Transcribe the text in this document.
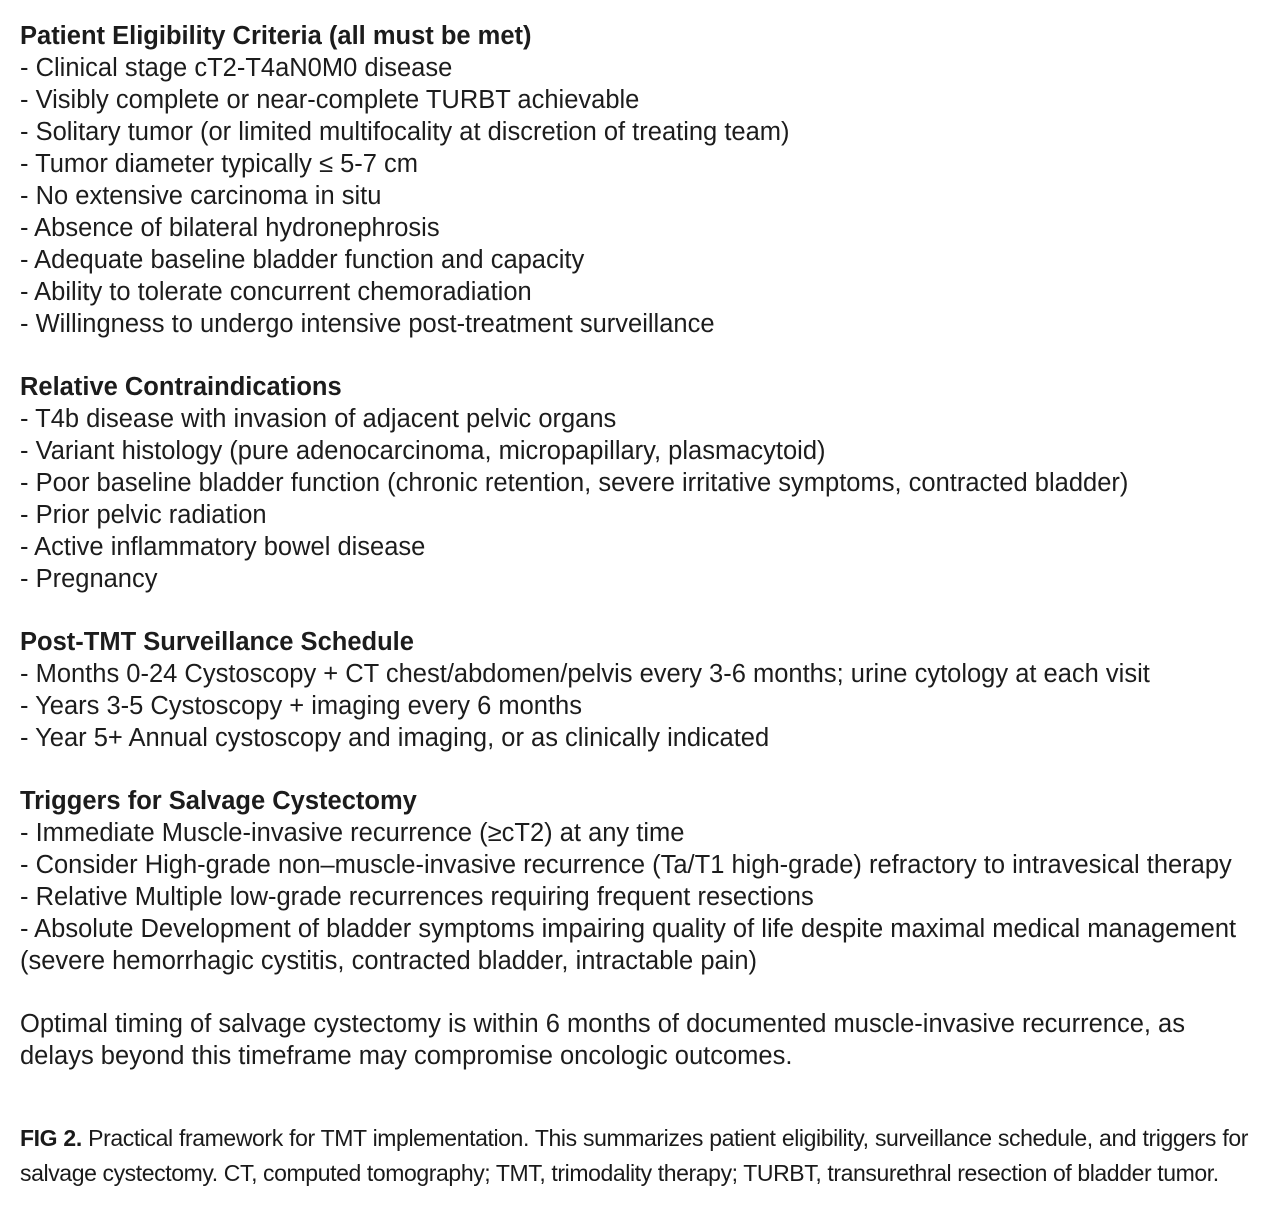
Patient Eligibility Criteria (all must be met)
- Clinical stage cT2-T4aN0M0 disease
- Visibly complete or near-complete TURBT achievable
- Solitary tumor (or limited multifocality at discretion of treating team)
- Tumor diameter typically ≤ 5-7 cm
- No extensive carcinoma in situ
- Absence of bilateral hydronephrosis
- Adequate baseline bladder function and capacity
- Ability to tolerate concurrent chemoradiation
- Willingness to undergo intensive post-treatment surveillance
Relative Contraindications
- T4b disease with invasion of adjacent pelvic organs
- Variant histology (pure adenocarcinoma, micropapillary, plasmacytoid)
- Poor baseline bladder function (chronic retention, severe irritative symptoms, contracted bladder)
- Prior pelvic radiation
- Active inflammatory bowel disease
- Pregnancy
Post-TMT Surveillance Schedule
- Months 0-24 Cystoscopy + CT chest/abdomen/pelvis every 3-6 months; urine cytology at each visit
- Years 3-5 Cystoscopy + imaging every 6 months
- Year 5+ Annual cystoscopy and imaging, or as clinically indicated
Triggers for Salvage Cystectomy
- Immediate Muscle-invasive recurrence (≥cT2) at any time
- Consider High-grade non–muscle-invasive recurrence (Ta/T1 high-grade) refractory to intravesical therapy
- Relative Multiple low-grade recurrences requiring frequent resections
- Absolute Development of bladder symptoms impairing quality of life despite maximal medical management (severe hemorrhagic cystitis, contracted bladder, intractable pain)
Optimal timing of salvage cystectomy is within 6 months of documented muscle-invasive recurrence, as delays beyond this timeframe may compromise oncologic outcomes.
FIG 2. Practical framework for TMT implementation. This summarizes patient eligibility, surveillance schedule, and triggers for salvage cystectomy. CT, computed tomography; TMT, trimodality therapy; TURBT, transurethral resection of bladder tumor.
